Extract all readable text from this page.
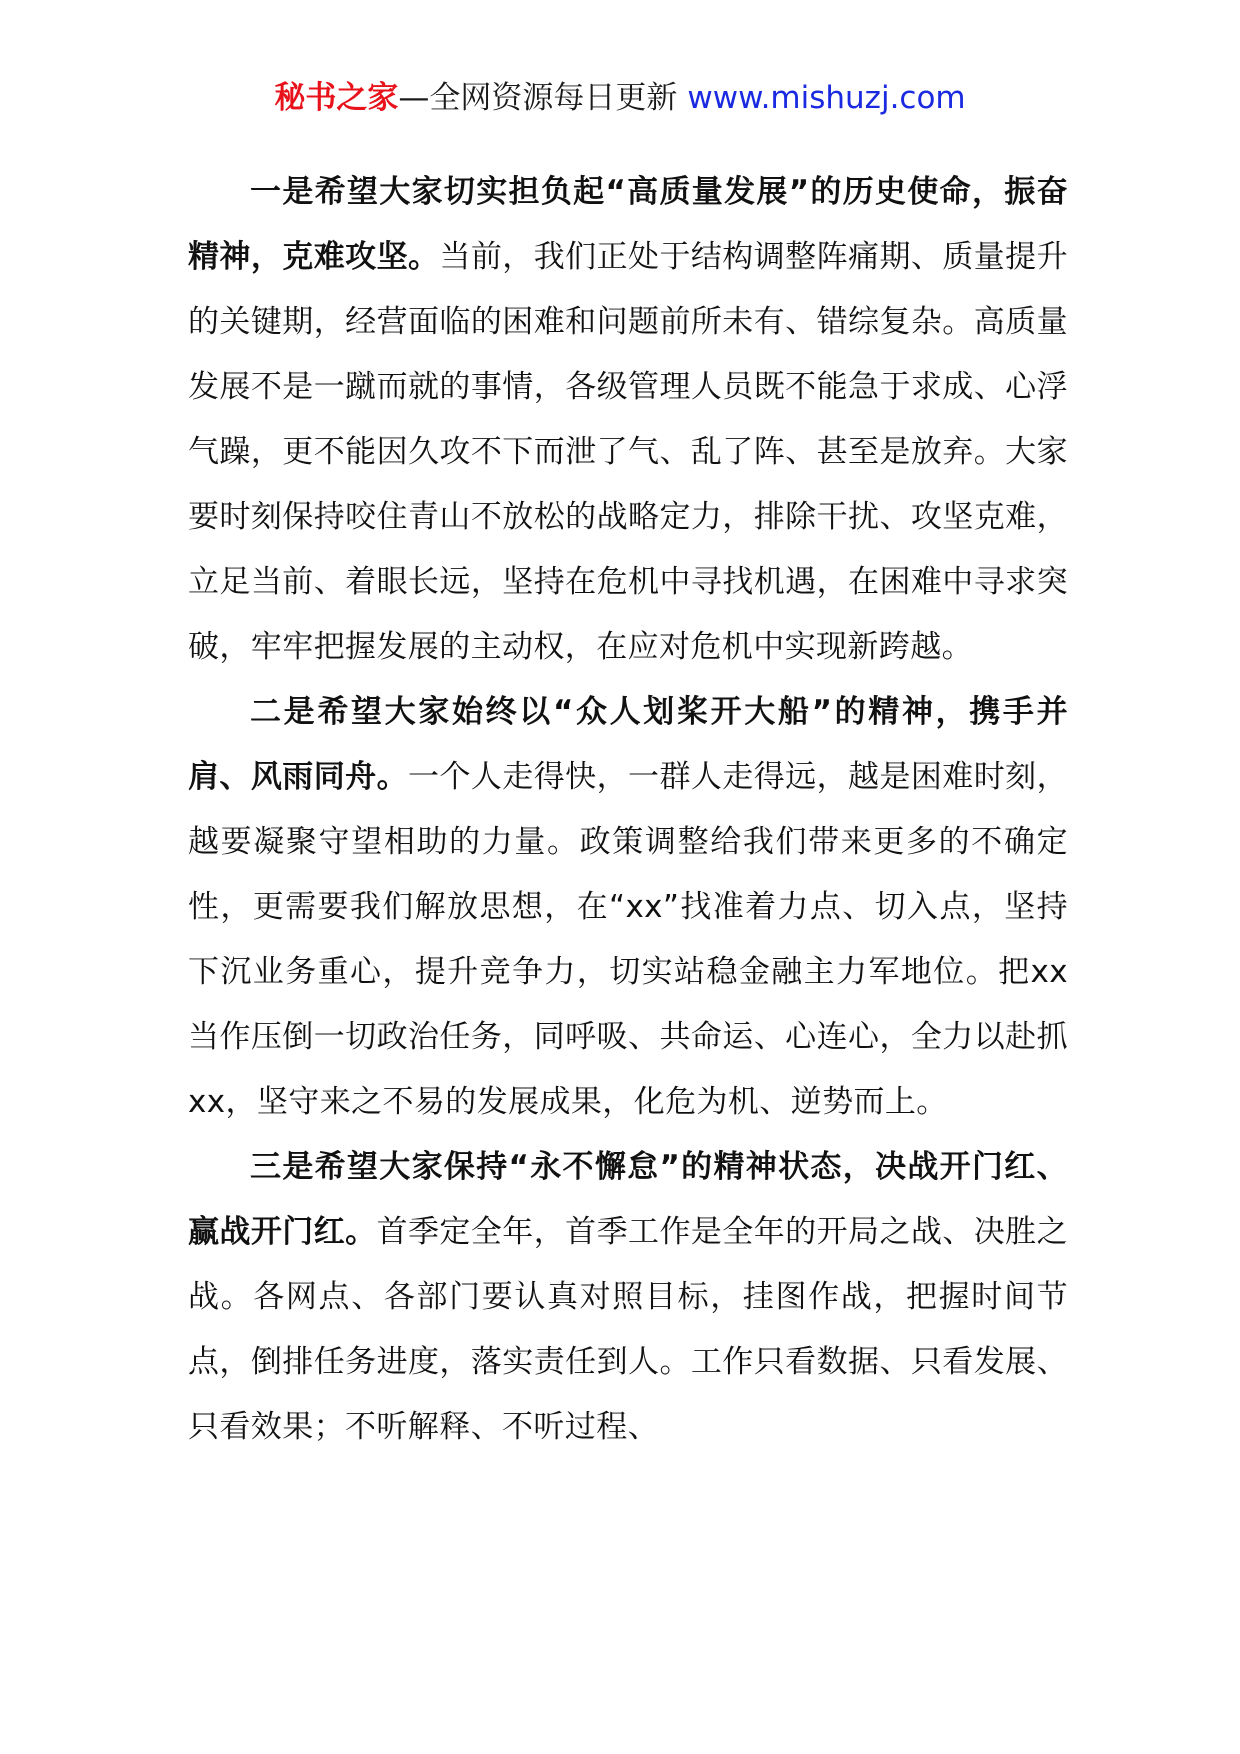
秘书之家—全网资源每日更新 www.mishuzj.com

一是希望大家切实担负起“高质量发展”的历史使命，振奋精神，克难攻坚。当前，我们正处于结构调整阵痛期、质量提升的关键期，经营面临的困难和问题前所未有、错综复杂。高质量发展不是一蹴而就的事情，各级管理人员既不能急于求成、心浮气躁，更不能因久攻不下而泄了气、乱了阵、甚至是放弃。大家要时刻保持咬住青山不放松的战略定力，排除干扰、攻坚克难，立足当前、着眼长远，坚持在危机中寻找机遇，在困难中寻求突破，牢牢把握发展的主动权，在应对危机中实现新跨越。

二是希望大家始终以“众人划桨开大船”的精神，携手并肩、风雨同舟。一个人走得快，一群人走得远，越是困难时刻，越要凝聚守望相助的力量。政策调整给我们带来更多的不确定性，更需要我们解放思想，在“xx”找准着力点、切入点，坚持下沉业务重心，提升竞争力，切实站稳金融主力军地位。把xx当作压倒一切政治任务，同呼吸、共命运、心连心，全力以赴抓xx，坚守来之不易的发展成果，化危为机、逆势而上。

三是希望大家保持“永不懈怠”的精神状态，决战开门红、赢战开门红。首季定全年，首季工作是全年的开局之战、决胜之战。各网点、各部门要认真对照目标，挂图作战，把握时间节点，倒排任务进度，落实责任到人。工作只看数据、只看发展、只看效果；不听解释、不听过程、
